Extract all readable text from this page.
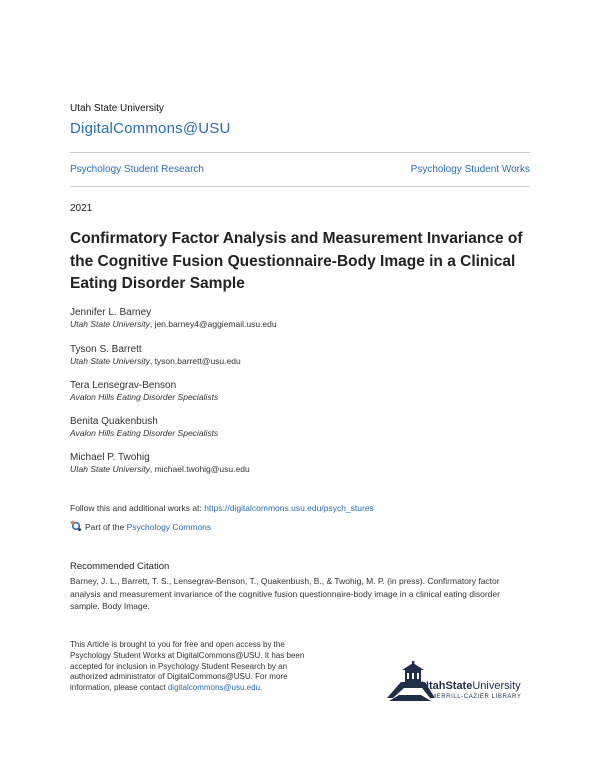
Utah State University
DigitalCommons@USU
Psychology Student Research	Psychology Student Works
2021
Confirmatory Factor Analysis and Measurement Invariance of the Cognitive Fusion Questionnaire-Body Image in a Clinical Eating Disorder Sample
Jennifer L. Barney
Utah State University, jen.barney4@aggiemail.usu.edu
Tyson S. Barrett
Utah State University, tyson.barrett@usu.edu
Tera Lensegrav-Benson
Avalon Hills Eating Disorder Specialists
Benita Quakenbush
Avalon Hills Eating Disorder Specialists
Michael P. Twohig
Utah State University, michael.twohig@usu.edu
Follow this and additional works at: https://digitalcommons.usu.edu/psych_stures
Part of the Psychology Commons
Recommended Citation
Barney, J. L., Barrett, T. S., Lensegrav-Benson, T., Quakenbush, B., & Twohig, M. P. (in press). Confirmatory factor analysis and measurement invariance of the cognitive fusion questionnaire-body image in a clinical eating disorder sample. Body Image.
This Article is brought to you for free and open access by the Psychology Student Works at DigitalCommons@USU. It has been accepted for inclusion in Psychology Student Research by an authorized administrator of DigitalCommons@USU. For more information, please contact digitalcommons@usu.edu.	UtahStateUniversity
MERRILL-CAZIER LIBRARY
